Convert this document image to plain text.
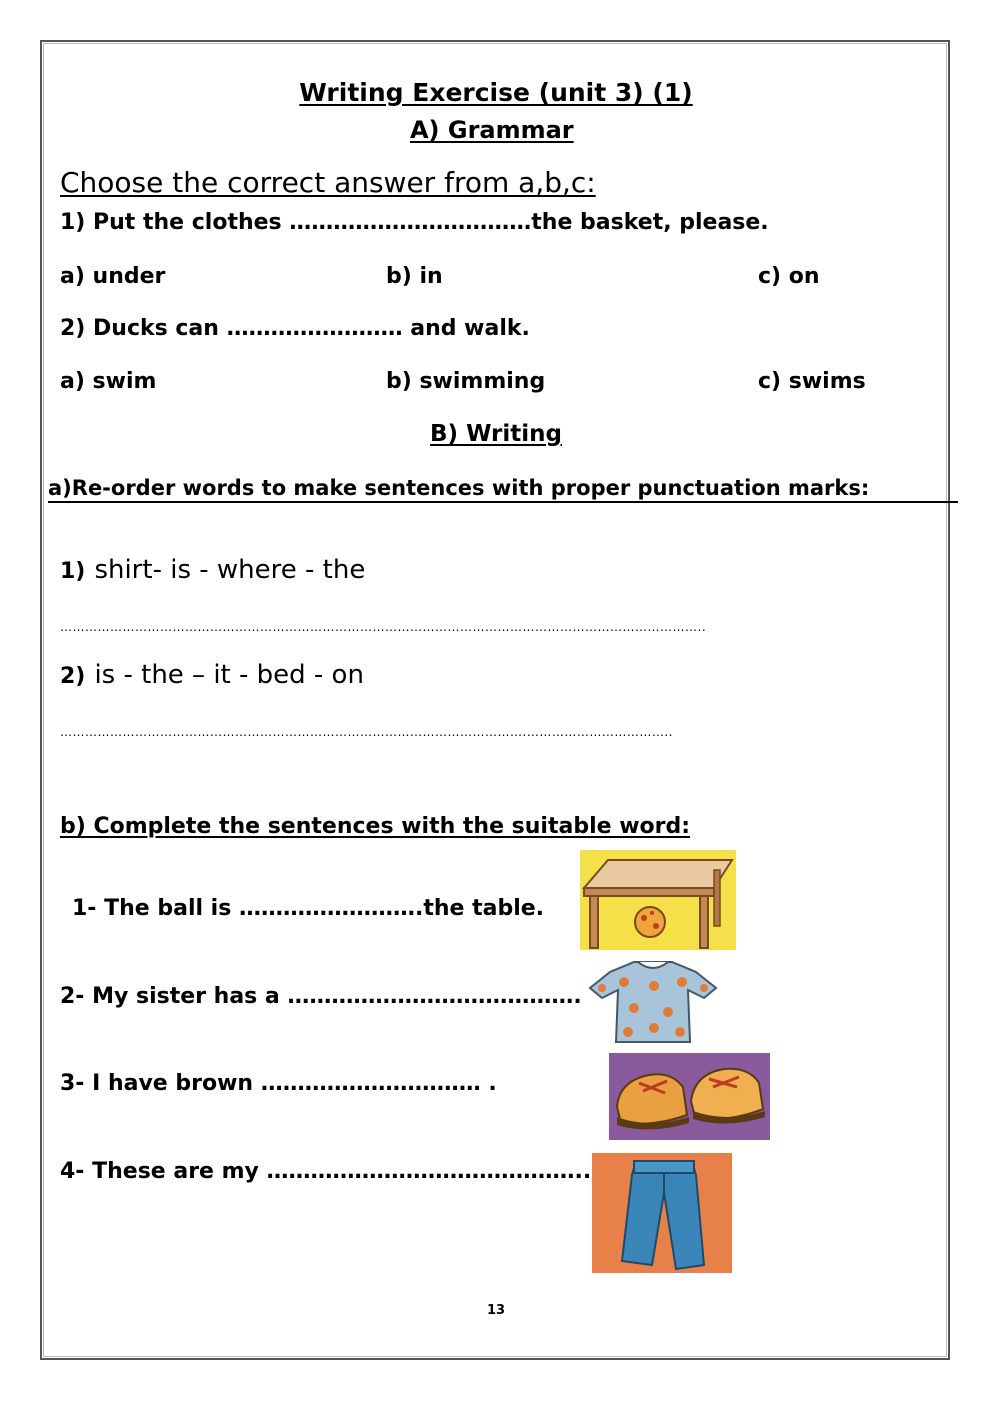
Writing Exercise (unit 3) (1)
A) Grammar
Choose the correct answer from a,b,c:
1) Put the clothes ……………………………the basket, please.
a) under	b) in	c) on
2) Ducks can …………………… and walk.
a) swim	b) swimming	c) swims
B) Writing
a)Re-order words to make sentences with proper punctuation marks:
1) shirt- is - where - the
………………………………………………………………………………………………………………………………………..
2) is - the – it - bed - on
………………………………………………………………………………………………….……………………………..
b) Complete the sentences with the suitable word:
1- The ball is …………………….the table.
2- My sister has a ………………………………….
3- I have brown ………………………… .
4- These are my ……………………………………..
13
